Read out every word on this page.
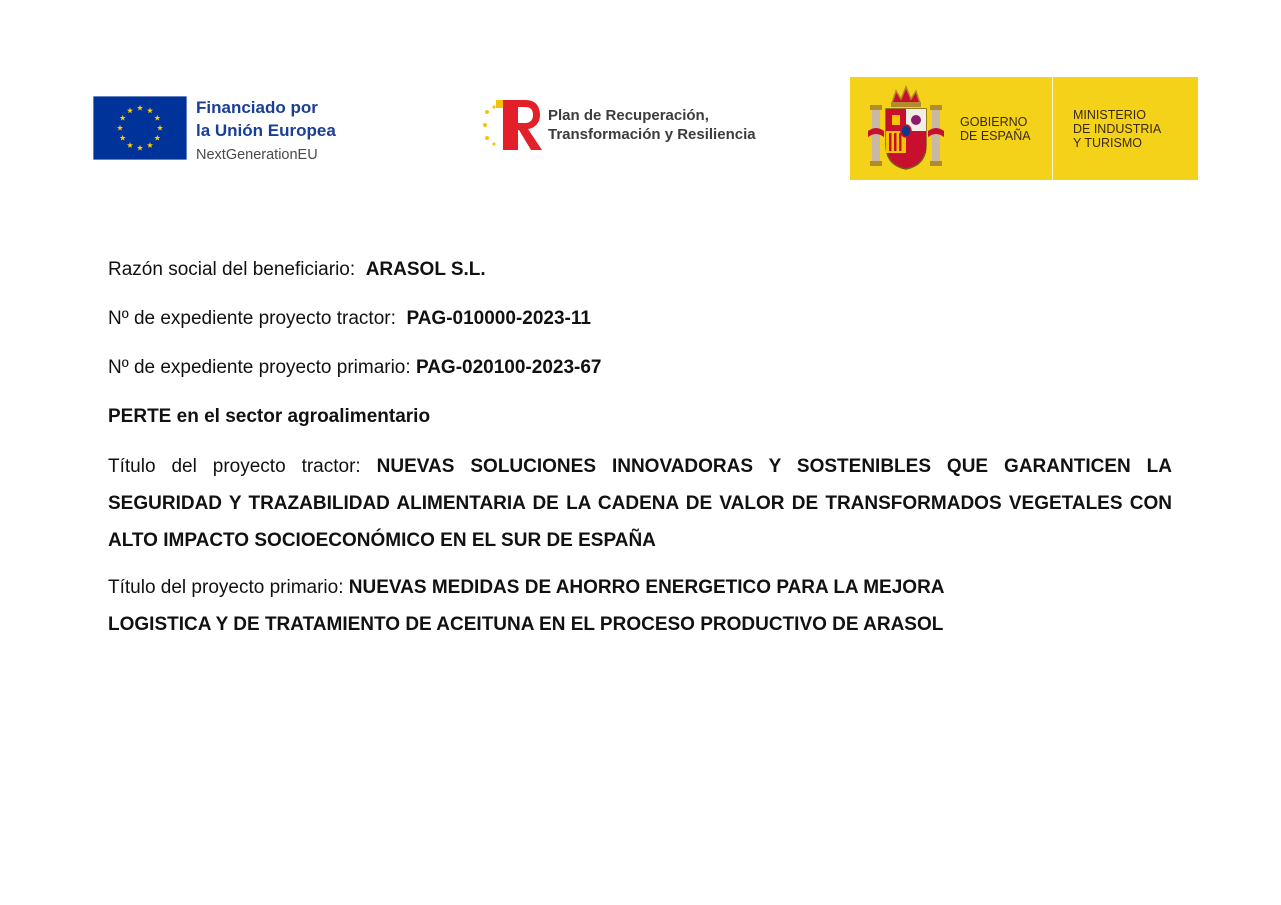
Financiado por
la Unión Europea
NextGenerationEU
Plan de Recuperación,
Transformación y Resiliencia
GOBIERNO
DE ESPAÑA
MINISTERIO
DE INDUSTRIA
Y TURISMO

Razón social del beneficiario: ARASOL S.L.

Nº de expediente proyecto tractor: PAG-010000-2023-11

Nº de expediente proyecto primario: PAG-020100-2023-67

PERTE en el sector agroalimentario

Título del proyecto tractor: NUEVAS SOLUCIONES INNOVADORAS Y SOSTENIBLES QUE GARANTICEN LA SEGURIDAD Y TRAZABILIDAD ALIMENTARIA DE LA CADENA DE VALOR DE TRANSFORMADOS VEGETALES CON ALTO IMPACTO SOCIOECONÓMICO EN EL SUR DE ESPAÑA

Título del proyecto primario: NUEVAS MEDIDAS DE AHORRO ENERGETICO PARA LA MEJORA
LOGISTICA Y DE TRATAMIENTO DE ACEITUNA EN EL PROCESO PRODUCTIVO DE ARASOL
